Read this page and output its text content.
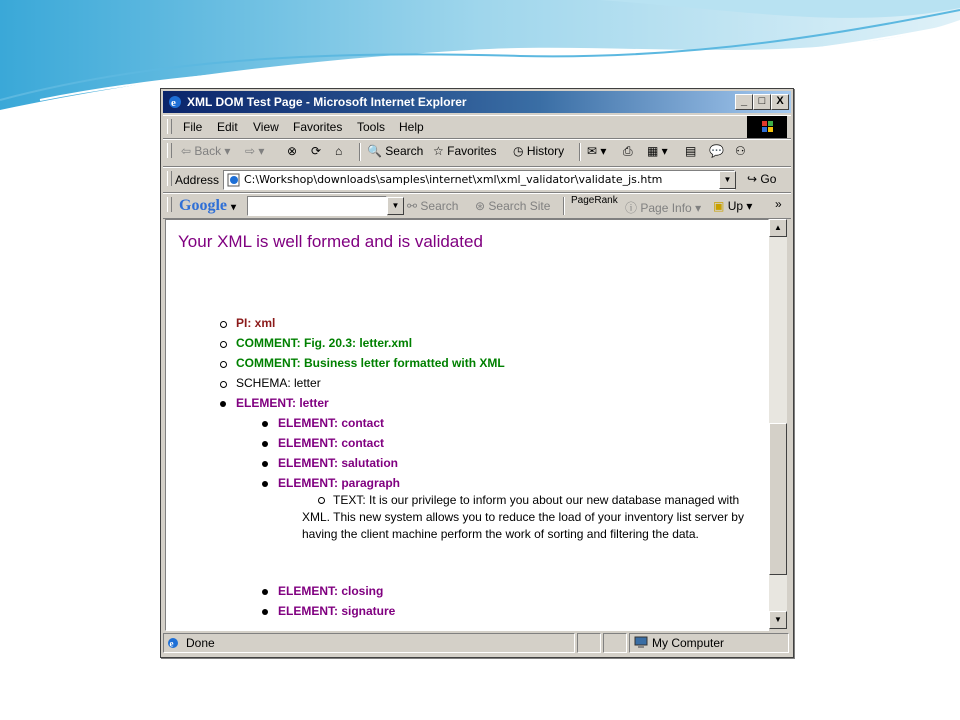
e XML DOM Test Page - Microsoft Internet Explorer	_	□	X
File Edit View Favorites Tools Help
⇦ Back ▾ ⇨ ▾ ⊗ ⟳ ⌂ 🔍 Search ☆ Favorites ◷ History ✉ ▾ ⎙ ▦ ▾ ▤ 💬 ⚇
Address C:\Workshop\downloads\samples\internet\xml\xml_validator\validate_js.htm	▼	↪ Go
Google ▾	▼ ⚯ Search ⊛ Search Site PageRank
ⓘ Page Info ▾ ▣ Up ▾ »
Your XML is well formed and is validated
PI: xml
COMMENT: Fig. 20.3: letter.xml
COMMENT: Business letter formatted with XML
SCHEMA: letter
ELEMENT: letter
ELEMENT: contact
ELEMENT: contact
ELEMENT: salutation
ELEMENT: paragraph
TEXT: It is our privilege to inform you about our new database managed with XML. This new system allows you to reduce the load of your inventory list server by having the client machine perform the work of sorting and filtering the data.
ELEMENT: closing
ELEMENT: signature
▲
▼
e Done	My Computer
